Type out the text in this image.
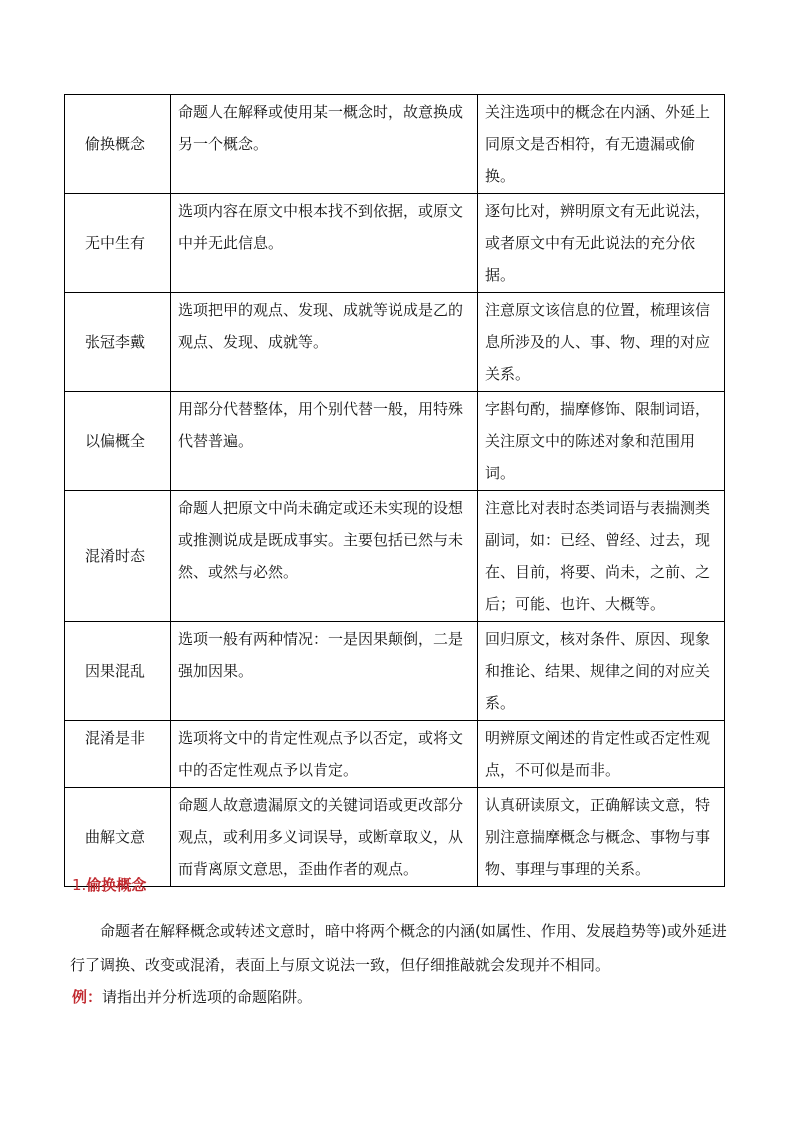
偷换概念	命题人在解释或使用某一概念时，故意换成另一个概念。	关注选项中的概念在内涵、外延上同原文是否相符，有无遗漏或偷换。
无中生有	选项内容在原文中根本找不到依据，或原文中并无此信息。	逐句比对，辨明原文有无此说法，或者原文中有无此说法的充分依据。
张冠李戴	选项把甲的观点、发现、成就等说成是乙的观点、发现、成就等。	注意原文该信息的位置，梳理该信息所涉及的人、事、物、理的对应关系。
以偏概全	用部分代替整体，用个别代替一般，用特殊代替普遍。	字斟句酌，揣摩修饰、限制词语，关注原文中的陈述对象和范围用词。
混淆时态	命题人把原文中尚未确定或还未实现的设想或推测说成是既成事实。主要包括已然与未然、或然与必然。	注意比对表时态类词语与表揣测类副词，如：已经、曾经、过去，现在、目前，将要、尚未，之前、之后；可能、也许、大概等。
因果混乱	选项一般有两种情况：一是因果颠倒，二是强加因果。	回归原文，核对条件、原因、现象和推论、结果、规律之间的对应关系。
混淆是非	选项将文中的肯定性观点予以否定，或将文中的否定性观点予以肯定。	明辨原文阐述的肯定性或否定性观点，不可似是而非。
曲解文意	命题人故意遗漏原文的关键词语或更改部分观点，或利用多义词误导，或断章取义，从而背离原文意思，歪曲作者的观点。	认真研读原文，正确解读文意，特别注意揣摩概念与概念、事物与事物、事理与事理的关系。
1.偷换概念

命题者在解释概念或转述文意时，暗中将两个概念的内涵(如属性、作用、发展趋势等)或外延进行了调换、改变或混淆，表面上与原文说法一致，但仔细推敲就会发现并不相同。

例：请指出并分析选项的命题陷阱。
